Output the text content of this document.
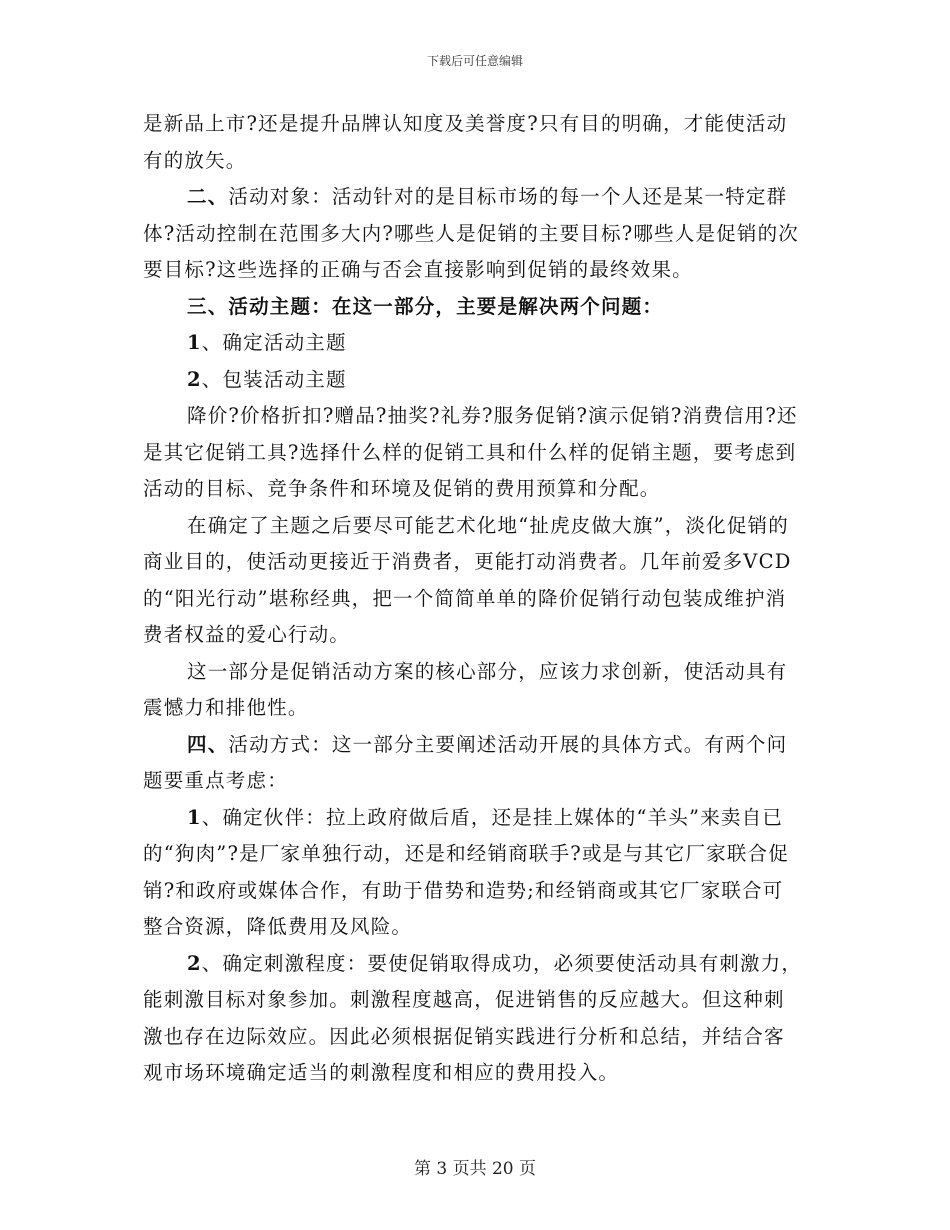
下载后可任意编辑

是新品上市?还是提升品牌认知度及美誉度?只有目的明确，才能使活动有的放矢。

二、活动对象：活动针对的是目标市场的每一个人还是某一特定群体?活动控制在范围多大内?哪些人是促销的主要目标?哪些人是促销的次要目标?这些选择的正确与否会直接影响到促销的最终效果。

三、活动主题：在这一部分，主要是解决两个问题：

1、确定活动主题

2、包装活动主题

降价?价格折扣?赠品?抽奖?礼券?服务促销?演示促销?消费信用?还是其它促销工具?选择什么样的促销工具和什么样的促销主题，要考虑到活动的目标、竞争条件和环境及促销的费用预算和分配。

在确定了主题之后要尽可能艺术化地“扯虎皮做大旗”，淡化促销的商业目的，使活动更接近于消费者，更能打动消费者。几年前爱多VCD的“阳光行动”堪称经典，把一个简简单单的降价促销行动包装成维护消费者权益的爱心行动。

这一部分是促销活动方案的核心部分，应该力求创新，使活动具有震憾力和排他性。

四、活动方式：这一部分主要阐述活动开展的具体方式。有两个问题要重点考虑：

1、确定伙伴：拉上政府做后盾，还是挂上媒体的“羊头”来卖自已的“狗肉”?是厂家单独行动，还是和经销商联手?或是与其它厂家联合促销?和政府或媒体合作，有助于借势和造势;和经销商或其它厂家联合可整合资源，降低费用及风险。

2、确定刺激程度：要使促销取得成功，必须要使活动具有刺激力，能刺激目标对象参加。刺激程度越高，促进销售的反应越大。但这种刺激也存在边际效应。因此必须根据促销实践进行分析和总结，并结合客观市场环境确定适当的刺激程度和相应的费用投入。

第 3 页共 20 页
